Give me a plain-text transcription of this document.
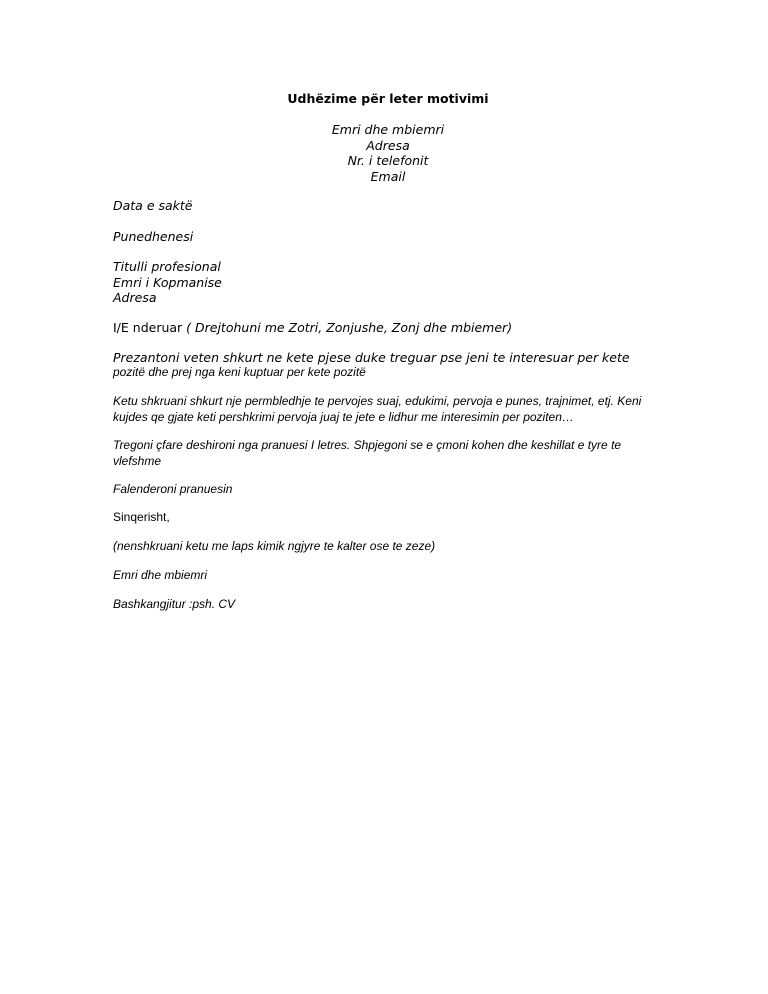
Udhëzime për leter motivimi
Emri dhe mbiemri
Adresa
Nr. i telefonit
Email
Data e saktë
Punedhenesi
Titulli profesional
Emri i Kopmanise
Adresa
I/E nderuar ( Drejtohuni me Zotri, Zonjushe, Zonj dhe mbiemer)
Prezantoni veten shkurt ne kete pjese duke treguar pse jeni te interesuar per kete
pozitë dhe prej nga keni kuptuar per kete pozitë
Ketu shkruani shkurt nje permbledhje te pervojes suaj, edukimi, pervoja e punes, trajnimet, etj. Keni kujdes qe gjate keti pershkrimi pervoja juaj te jete e lidhur me interesimin per poziten…
Tregoni çfare deshironi nga pranuesi I letres. Shpjegoni se e çmoni kohen dhe keshillat e tyre te vlefshme
Falenderoni pranuesin
Sinqerisht,
(nenshkruani ketu me laps kimik ngjyre te kalter ose te zeze)
Emri dhe mbiemri
Bashkangjitur :psh. CV
